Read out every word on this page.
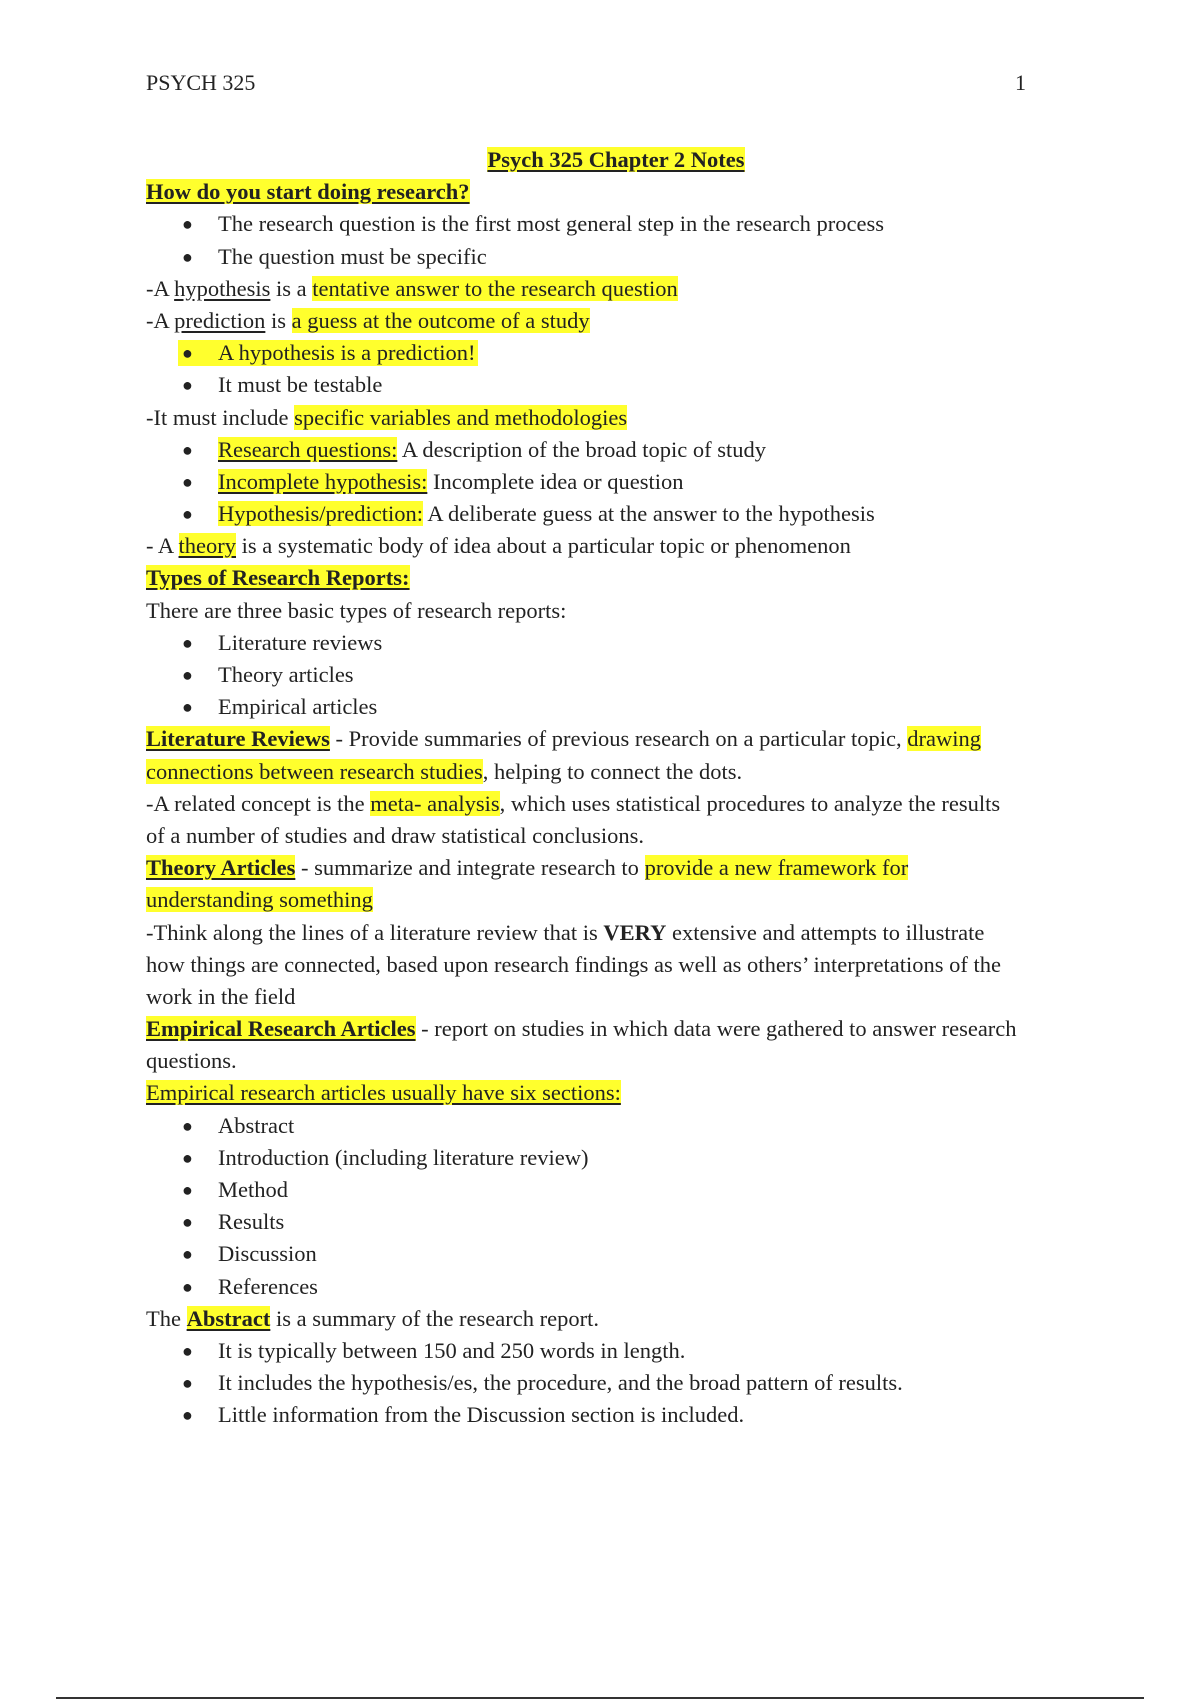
PSYCH 325	1
Psych 325 Chapter 2 Notes
How do you start doing research?
● The research question is the first most general step in the research process
● The question must be specific
-A hypothesis is a tentative answer to the research question
-A prediction is a guess at the outcome of a study
● A hypothesis is a prediction!
● It must be testable
-It must include specific variables and methodologies
● Research questions: A description of the broad topic of study
● Incomplete hypothesis: Incomplete idea or question
● Hypothesis/prediction: A deliberate guess at the answer to the hypothesis
- A theory is a systematic body of idea about a particular topic or phenomenon
Types of Research Reports:
There are three basic types of research reports:
● Literature reviews
● Theory articles
● Empirical articles
Literature Reviews - Provide summaries of previous research on a particular topic, drawing
connections between research studies, helping to connect the dots.
-A related concept is the meta- analysis, which uses statistical procedures to analyze the results
of a number of studies and draw statistical conclusions.
Theory Articles - summarize and integrate research to provide a new framework for
understanding something
-Think along the lines of a literature review that is VERY extensive and attempts to illustrate
how things are connected, based upon research findings as well as others’ interpretations of the
work in the field
Empirical Research Articles - report on studies in which data were gathered to answer research
questions.
Empirical research articles usually have six sections:
● Abstract
● Introduction (including literature review)
● Method
● Results
● Discussion
● References
The Abstract is a summary of the research report.
● It is typically between 150 and 250 words in length.
● It includes the hypothesis/es, the procedure, and the broad pattern of results.
● Little information from the Discussion section is included.
